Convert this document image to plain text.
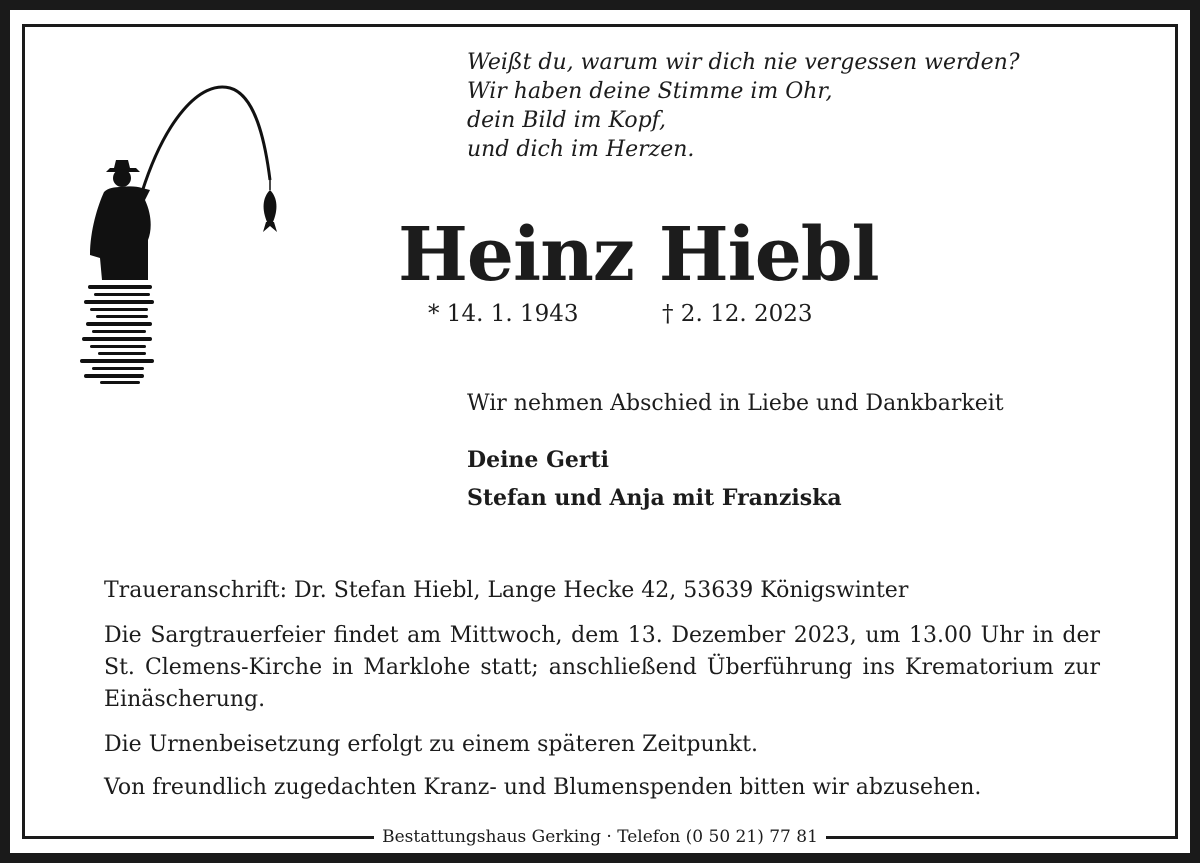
Weißt du, warum wir dich nie vergessen werden?
Wir haben deine Stimme im Ohr,
dein Bild im Kopf,
und dich im Herzen.
Heinz Hiebl
* 14. 1. 1943	† 2. 12. 2023
Wir nehmen Abschied in Liebe und Dankbarkeit
Deine Gerti
Stefan und Anja mit Franziska
Traueranschrift: Dr. Stefan Hiebl, Lange Hecke 42, 53639 Königswinter
Die Sargtrauerfeier findet am Mittwoch, dem 13. Dezember 2023, um 13.00 Uhr in der St. Clemens-Kirche in Marklohe statt; anschließend Überführung ins Krematorium zur Einäscherung.
Die Urnenbeisetzung erfolgt zu einem späteren Zeitpunkt.
Von freundlich zugedachten Kranz- und Blumenspenden bitten wir abzusehen.
Bestattungshaus Gerking · Telefon (0 50 21) 77 81
